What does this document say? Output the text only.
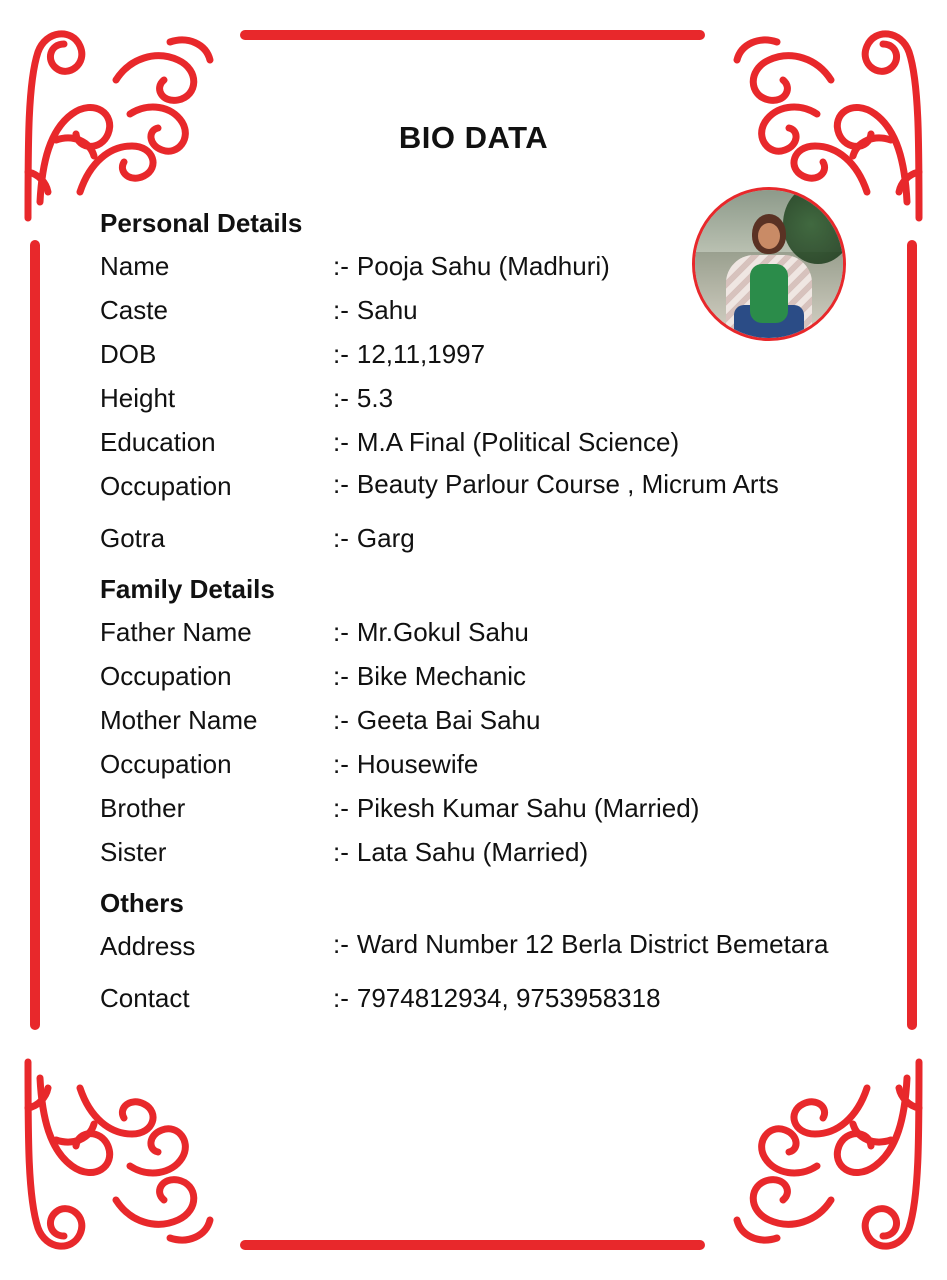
BIO DATA
Personal Details
Name	:- Pooja Sahu (Madhuri)
Caste	:- Sahu
DOB	:- 12,11,1997
Height	:- 5.3
Education	:- M.A Final (Political Science)
Occupation	:- Beauty Parlour Course , Micrum Arts
Gotra	:- Garg
Family Details
Father Name	:- Mr.Gokul Sahu
Occupation	:- Bike Mechanic
Mother Name	:- Geeta Bai Sahu
Occupation	:- Housewife
Brother	:- Pikesh Kumar Sahu (Married)
Sister	:- Lata Sahu (Married)
Others
Address	:- Ward Number 12 Berla District Bemetara
Contact	:- 7974812934, 9753958318
